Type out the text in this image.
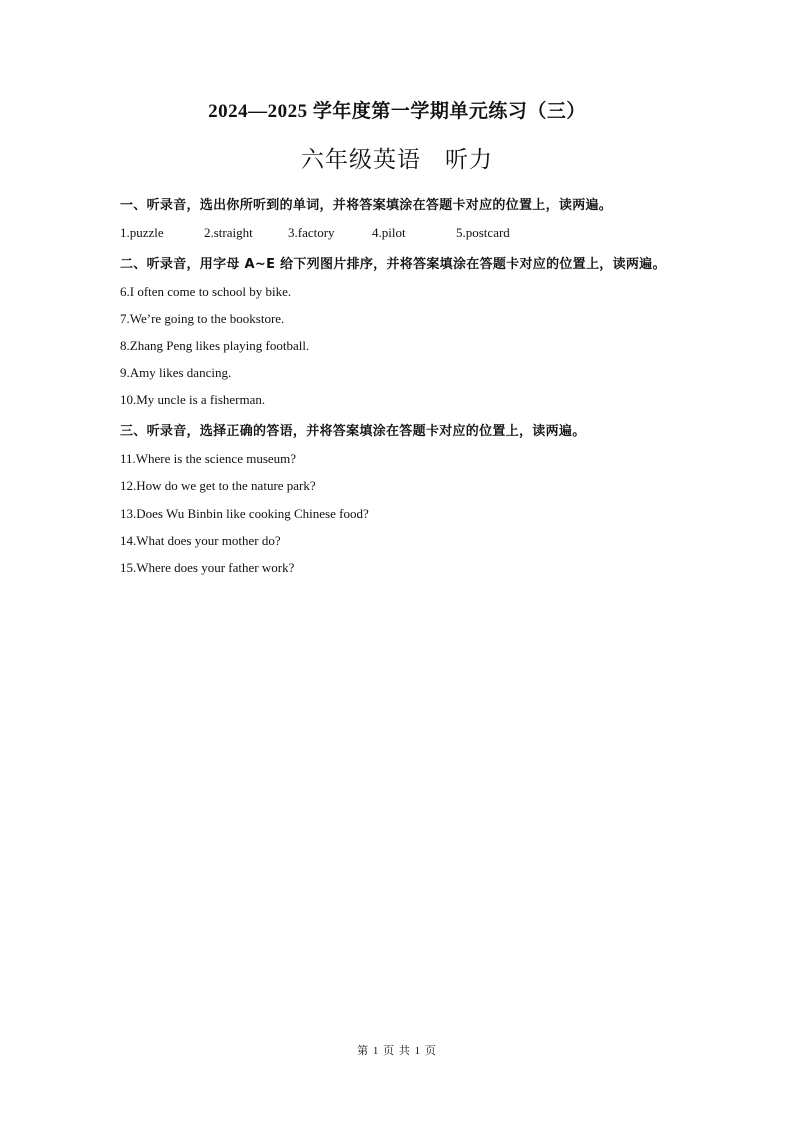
2024—2025 学年度第一学期单元练习（三）
六年级英语　听力
一、听录音，选出你所听到的单词，并将答案填涂在答题卡对应的位置上，读两遍。
1.puzzle	2.straight	3.factory	4.pilot	5.postcard
二、听录音，用字母 A~E 给下列图片排序，并将答案填涂在答题卡对应的位置上，读两遍。
6.I often come to school by bike.
7.We’re going to the bookstore.
8.Zhang Peng likes playing football.
9.Amy likes dancing.
10.My uncle is a fisherman.
三、听录音，选择正确的答语，并将答案填涂在答题卡对应的位置上，读两遍。
11.Where is the science museum?
12.How do we get to the nature park?
13.Does Wu Binbin like cooking Chinese food?
14.What does your mother do?
15.Where does your father work?
第 1 页 共 1 页
